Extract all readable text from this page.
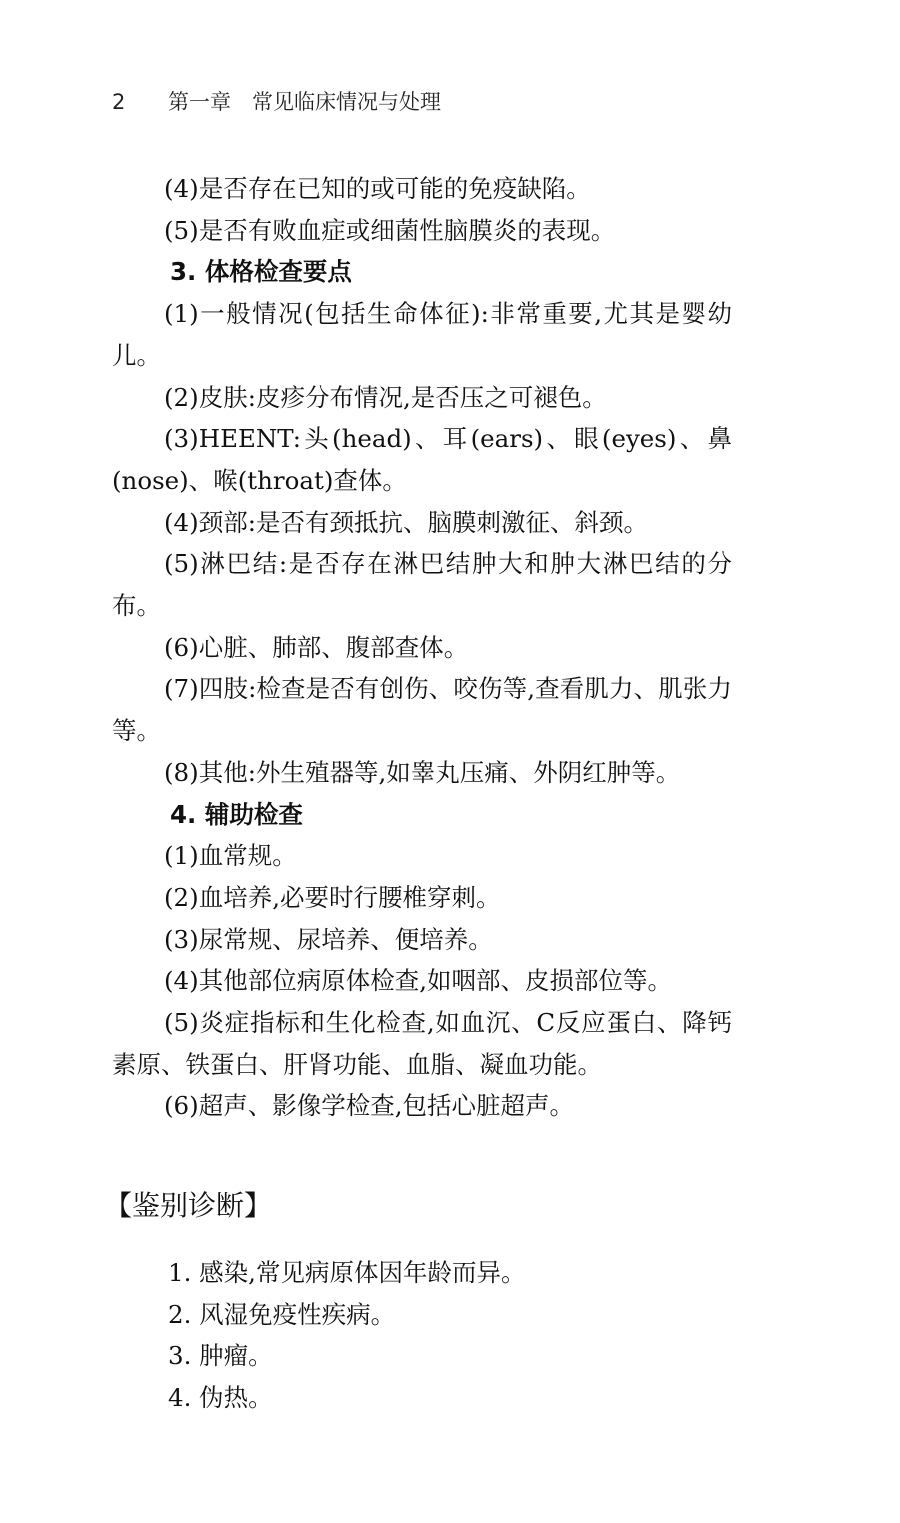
2 第一章　常见临床情况与处理

(4)是否存在已知的或可能的免疫缺陷。

(5)是否有败血症或细菌性脑膜炎的表现。

3. 体格检查要点

(1)一般情况(包括生命体征):非常重要,尤其是婴幼儿。

(2)皮肤:皮疹分布情况,是否压之可褪色。

(3)HEENT:头(head)、耳(ears)、眼(eyes)、鼻(nose)、喉(throat)查体。

(4)颈部:是否有颈抵抗、脑膜刺激征、斜颈。

(5)淋巴结:是否存在淋巴结肿大和肿大淋巴结的分布。

(6)心脏、肺部、腹部查体。

(7)四肢:检查是否有创伤、咬伤等,查看肌力、肌张力等。

(8)其他:外生殖器等,如睾丸压痛、外阴红肿等。

4. 辅助检查

(1)血常规。

(2)血培养,必要时行腰椎穿刺。

(3)尿常规、尿培养、便培养。

(4)其他部位病原体检查,如咽部、皮损部位等。

(5)炎症指标和生化检查,如血沉、C反应蛋白、降钙素原、铁蛋白、肝肾功能、血脂、凝血功能。

(6)超声、影像学检查,包括心脏超声。

【鉴别诊断】

1. 感染,常见病原体因年龄而异。

2. 风湿免疫性疾病。

3. 肿瘤。

4. 伪热。
